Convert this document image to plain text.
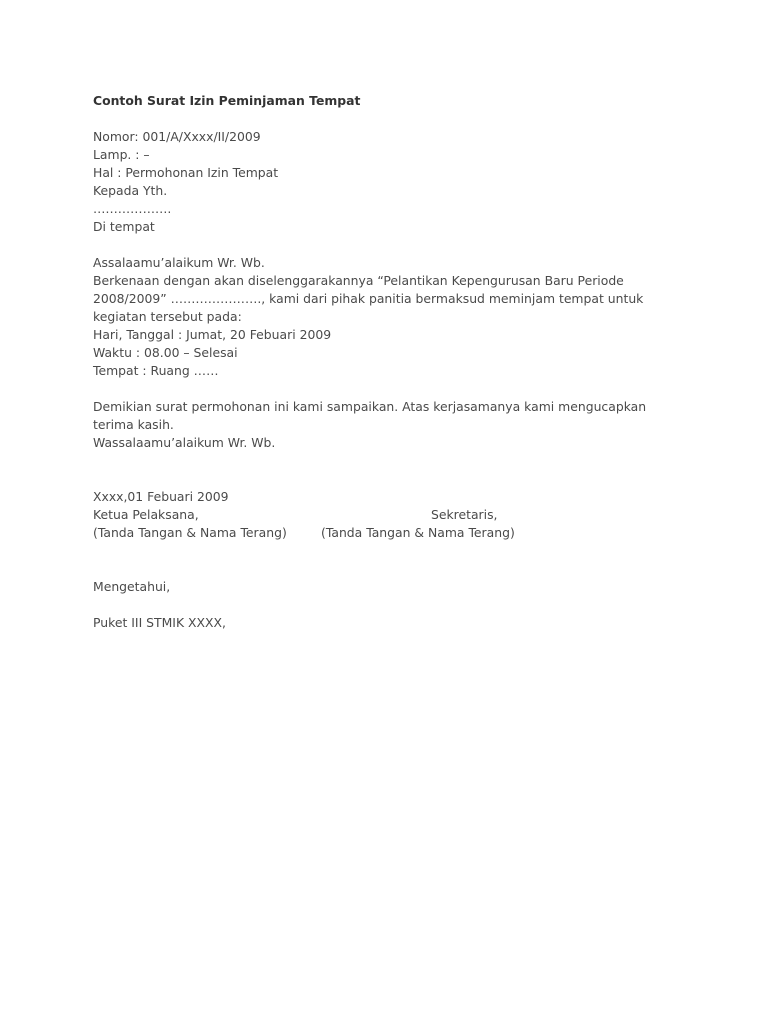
Contoh Surat Izin Peminjaman Tempat
Nomor: 001/A/Xxxx/II/2009
Lamp. : –
Hal : Permohonan Izin Tempat
Kepada Yth.
……………….
Di tempat
Assalaamu’alaikum Wr. Wb.
Berkenaan dengan akan diselenggarakannya “Pelantikan Kepengurusan Baru Periode
2008/2009” …………………., kami dari pihak panitia bermaksud meminjam tempat untuk
kegiatan tersebut pada:
Hari, Tanggal : Jumat, 20 Febuari 2009
Waktu : 08.00 – Selesai
Tempat : Ruang ……
Demikian surat permohonan ini kami sampaikan. Atas kerjasamanya kami mengucapkan
terima kasih.
Wassalaamu’alaikum Wr. Wb.
Xxxx,01 Febuari 2009
Ketua Pelaksana,	Sekretaris,
(Tanda Tangan & Nama Terang)	(Tanda Tangan & Nama Terang)
Mengetahui,
Puket III STMIK XXXX,
